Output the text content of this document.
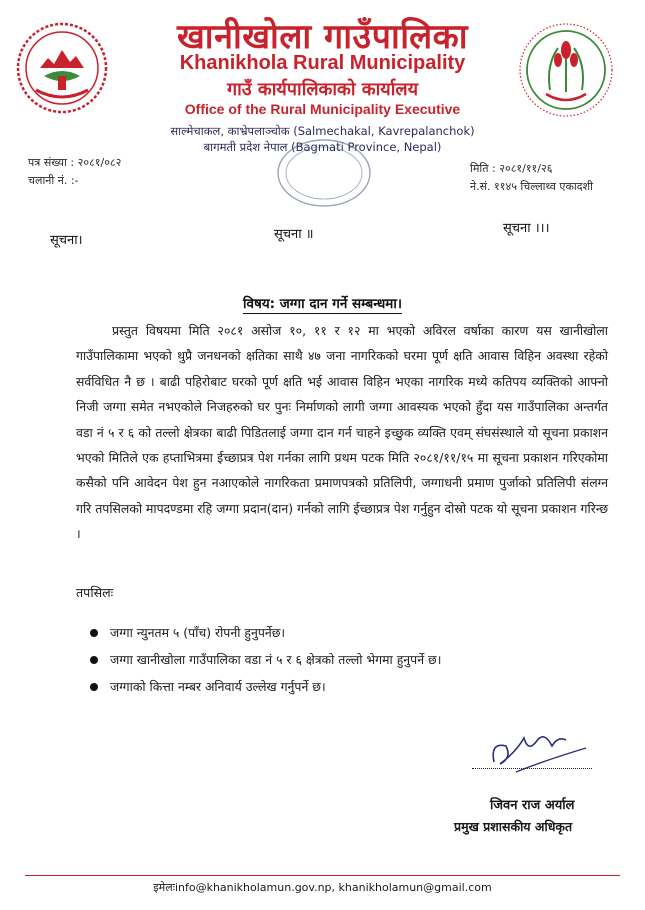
खानीखोला गाउँपालिका
Khanikhola Rural Municipality
गाउँ कार्यपालिकाको कार्यालय
Office of the Rural Municipality Executive
साल्मेचाकल, काभ्रेपलाञ्चोक (Salmechakal, Kavrepalanchok)
बागमती प्रदेश नेपाल (Bagmati Province, Nepal)
पत्र संख्या : २०८१/०८२
चलानी नं. :-
मिति : २०८१/११/२६
ने.सं. ११४५ चिल्लाथ्व एकादशी
सूचना।	सूचना ॥	सूचना ।।।
विषय: जग्गा दान गर्ने सम्बन्धमा।
प्रस्तुत विषयमा मिति २०८१ असोज १०, ११ र १२ मा भएको अविरल वर्षाका कारण यस खानीखोला गाउँपालिकामा भएको थुप्रै जनधनको क्षतिका साथै ४७ जना नागरिकको घरमा पूर्ण क्षति आवास विहिन अवस्था रहेको सर्वविधित नै छ । बाढी पहिरोबाट घरको पूर्ण क्षति भई आवास विहिन भएका नागरिक मध्ये कतिपय व्यक्तिको आफ्नो निजी जग्गा समेत नभएकोले निजहरुको घर पुनः निर्माणको लागी जग्गा आवस्यक भएको हुँदा यस गाउँपालिका अन्तर्गत वडा नं ५ र ६ को तल्लो क्षेत्रका बाढी पिडितलाई जग्गा दान गर्न चाहने इच्छुक व्यक्ति एवम् संघसंस्थाले यो सूचना प्रकाशन भएको मितिले एक हप्ताभित्रमा ईच्छाप्रत्र पेश गर्नका लागि प्रथम पटक मिति २०८१/११/१५ मा सूचना प्रकाशन गरिएकोमा कसैको पनि आवेदन पेश हुन नआएकोले नागरिकता प्रमाणपत्रको प्रतिलिपी, जग्गाधनी प्रमाण पुर्जाको प्रतिलिपी संलग्न गरि तपसिलको मापदण्डमा रहि जग्गा प्रदान(दान) गर्नको लागि ईच्छाप्रत्र पेश गर्नुहुन दोस्रो पटक यो सूचना प्रकाशन गरिन्छ ।
तपसिलः
जग्गा न्युनतम ५ (पाँच) रोपनी हुनुपर्नेछ।
जग्गा खानीखोला गाउँपालिका वडा नं ५ र ६ क्षेत्रको तल्लो भेगमा हुनुपर्ने छ।
जग्गाको कित्ता नम्बर अनिवार्य उल्लेख गर्नुपर्ने छ।
जिवन राज अर्याल
प्रमुख प्रशासकीय अधिकृत
इमेलःinfo@khanikholamun.gov.np, khanikholamun@gmail.com
